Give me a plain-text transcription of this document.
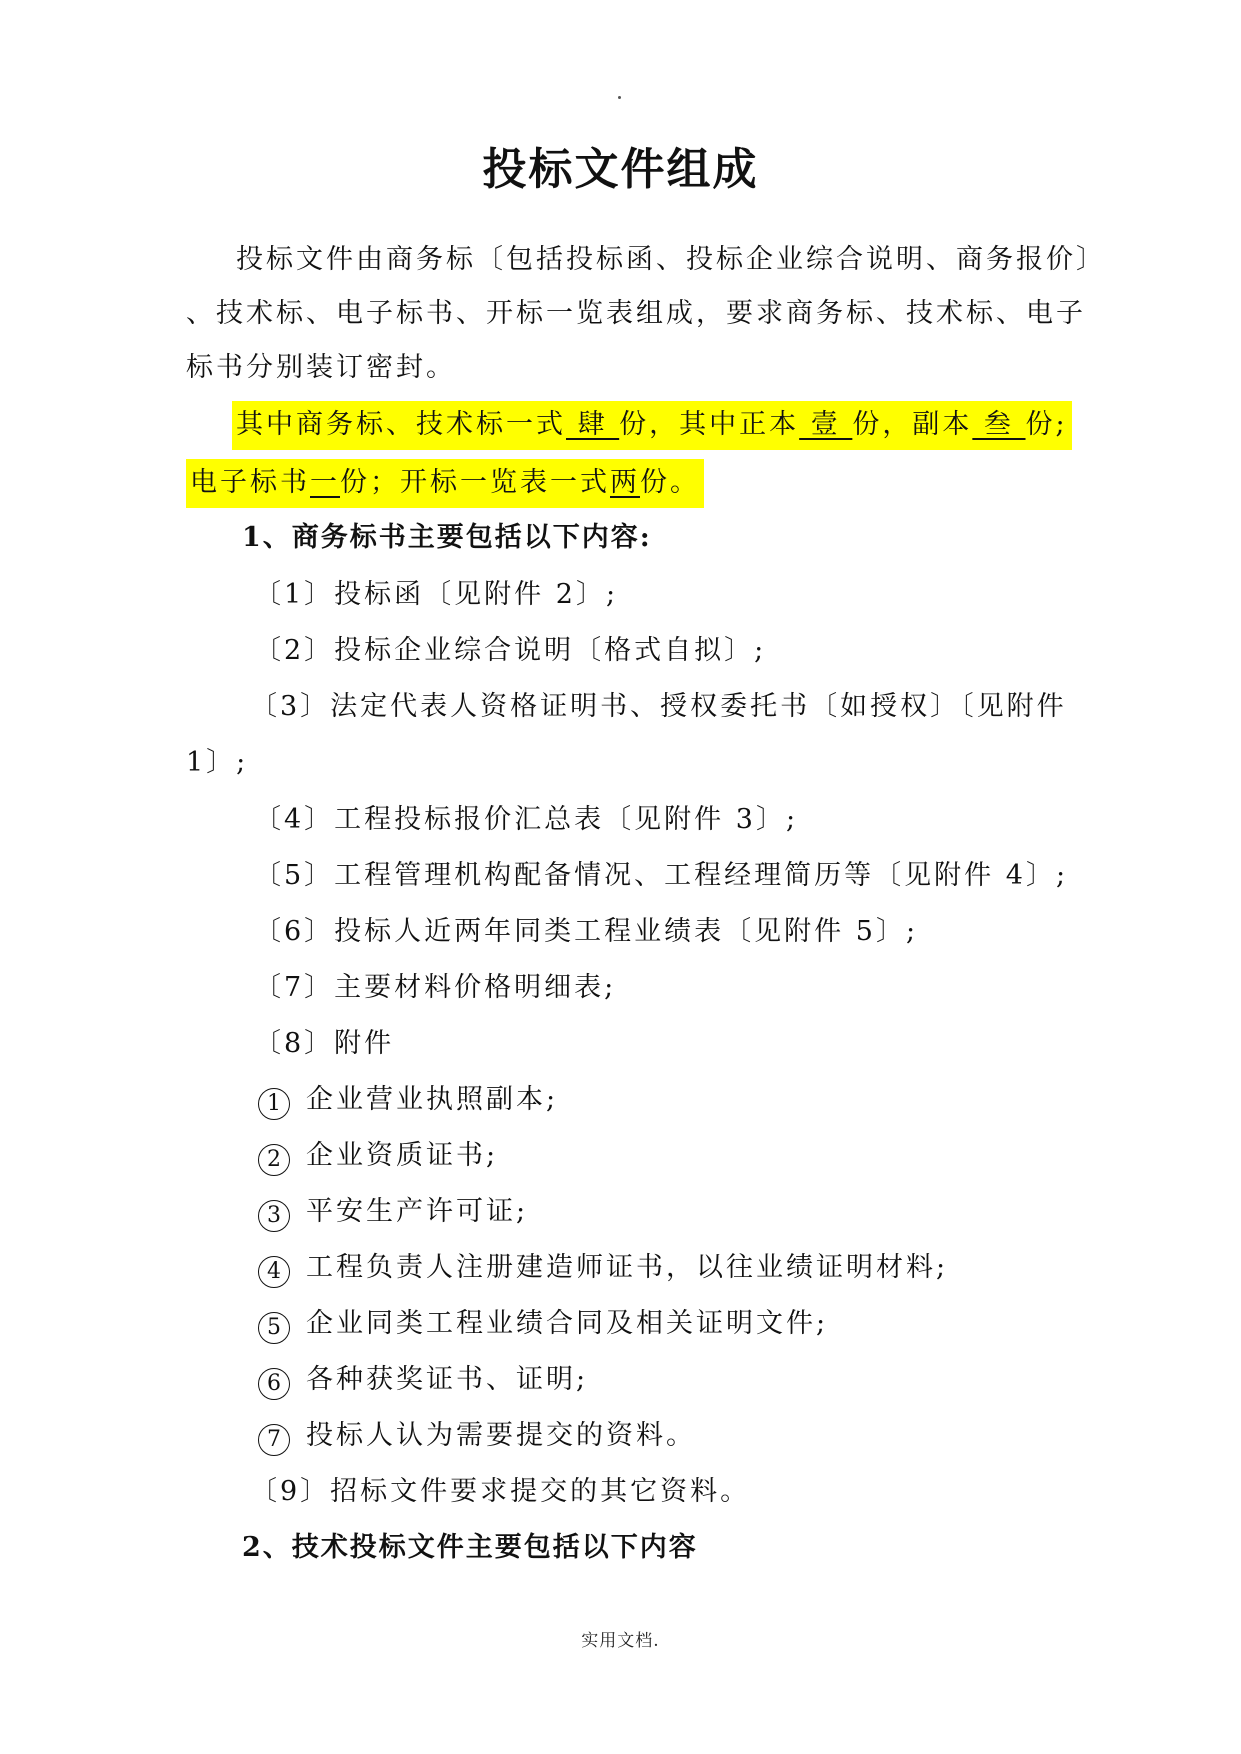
投标文件组成
投标文件由商务标〔包括投标函、投标企业综合说明、商务报价〕
、技术标、电子标书、开标一览表组成，要求商务标、技术标、电子
标书分别装订密封。
其中商务标、技术标一式 肆 份，其中正本 壹 份，副本 叁 份;
电子标书一份；开标一览表一式两份。
1、商务标书主要包括以下内容:
〔1〕投标函〔见附件 2〕;
〔2〕投标企业综合说明〔格式自拟〕;
〔3〕法定代表人资格证明书、授权委托书〔如授权〕〔见附件
1〕;
〔4〕工程投标报价汇总表〔见附件 3〕;
〔5〕工程管理机构配备情况、工程经理简历等〔见附件 4〕;
〔6〕投标人近两年同类工程业绩表〔见附件 5〕;
〔7〕主要材料价格明细表;
〔8〕附件
1 企业营业执照副本;
2 企业资质证书;
3 平安生产许可证;
4 工程负责人注册建造师证书，以往业绩证明材料;
5 企业同类工程业绩合同及相关证明文件;
6 各种获奖证书、证明;
7 投标人认为需要提交的资料。
〔9〕招标文件要求提交的其它资料。
2、技术投标文件主要包括以下内容
实用文档.
